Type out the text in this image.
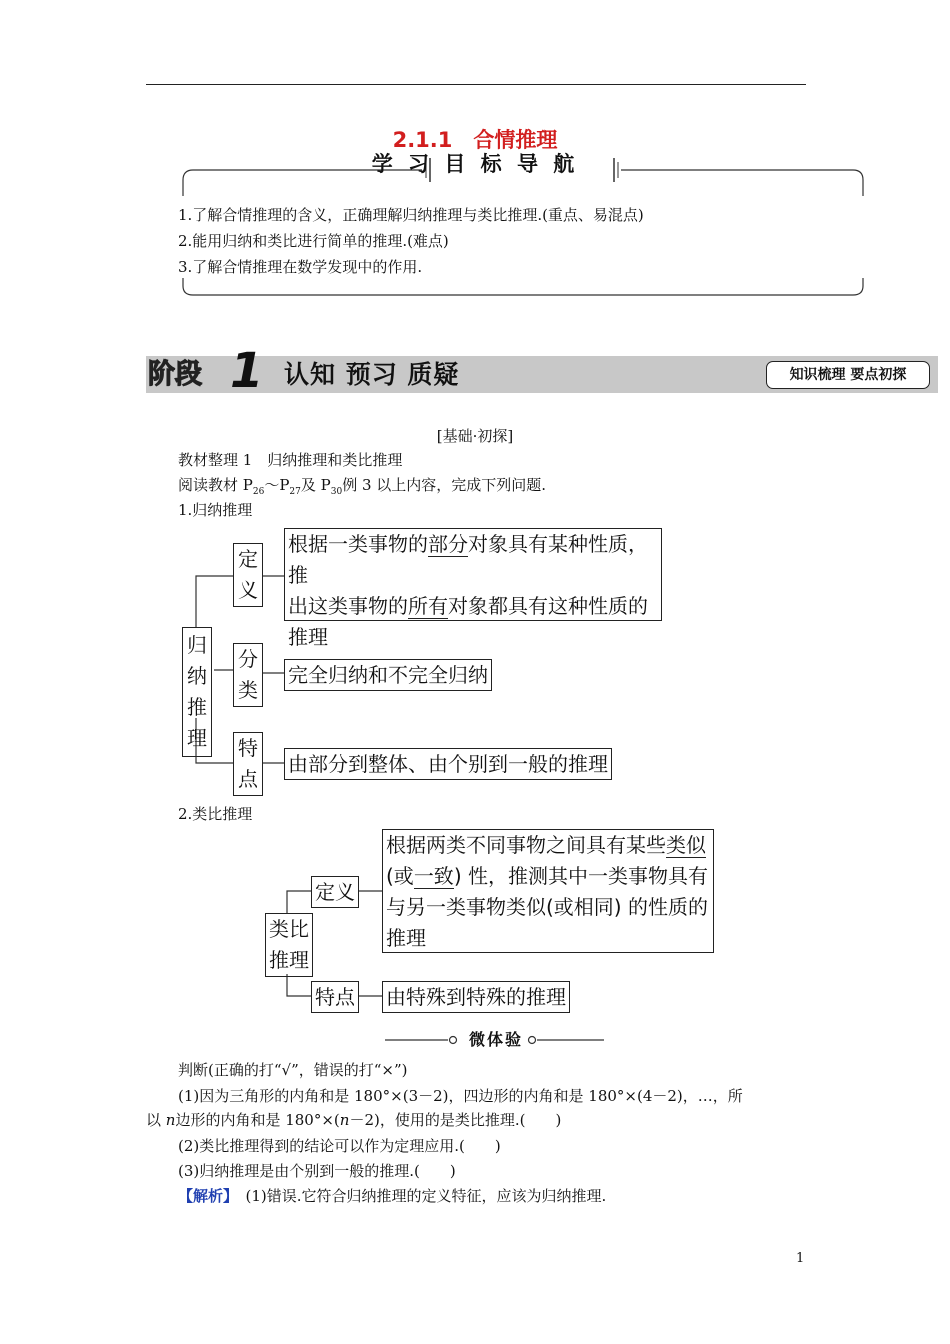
2.1.1　合情推理
学 习 目 标 导 航
1.了解合情推理的含义，正确理解归纳推理与类比推理.(重点、易混点)
2.能用归纳和类比进行简单的推理.(难点)
3.了解合情推理在数学发现中的作用.
阶段 1 认知 预习 质疑	知识梳理 要点初探
[基础·初探]
教材整理 1　归纳推理和类比推理
阅读教材 $P_{26}\sim P_{27}$及 $P_{30}$例 3 以上内容，完成下列问题.
1.归纳推理
归
纳
推
理
定
义
根据一类事物的部分对象具有某种性质，推
出这类事物的所有对象都具有这种性质的
推理
分
类
完全归纳和不完全归纳
特
点
由部分到整体、由个别到一般的推理
2.类比推理
类比
推理
定义
根据两类不同事物之间具有某些类似
(或一致) 性，推测其中一类事物具有
与另一类事物类似(或相同) 的性质的
推理
特点 由特殊到特殊的推理
微体验
判断(正确的打“√”，错误的打“×”)
(1)因为三角形的内角和是 180°×(3－2)，四边形的内角和是 180°×(4－2)，…，所
以 n边形的内角和是 180°×(n－2)，使用的是类比推理.(　　)
(2)类比推理得到的结论可以作为定理应用.(　　)
(3)归纳推理是由个别到一般的推理.(　　)
【解析】　 (1)错误.它符合归纳推理的定义特征，应该为归纳推理.
1
